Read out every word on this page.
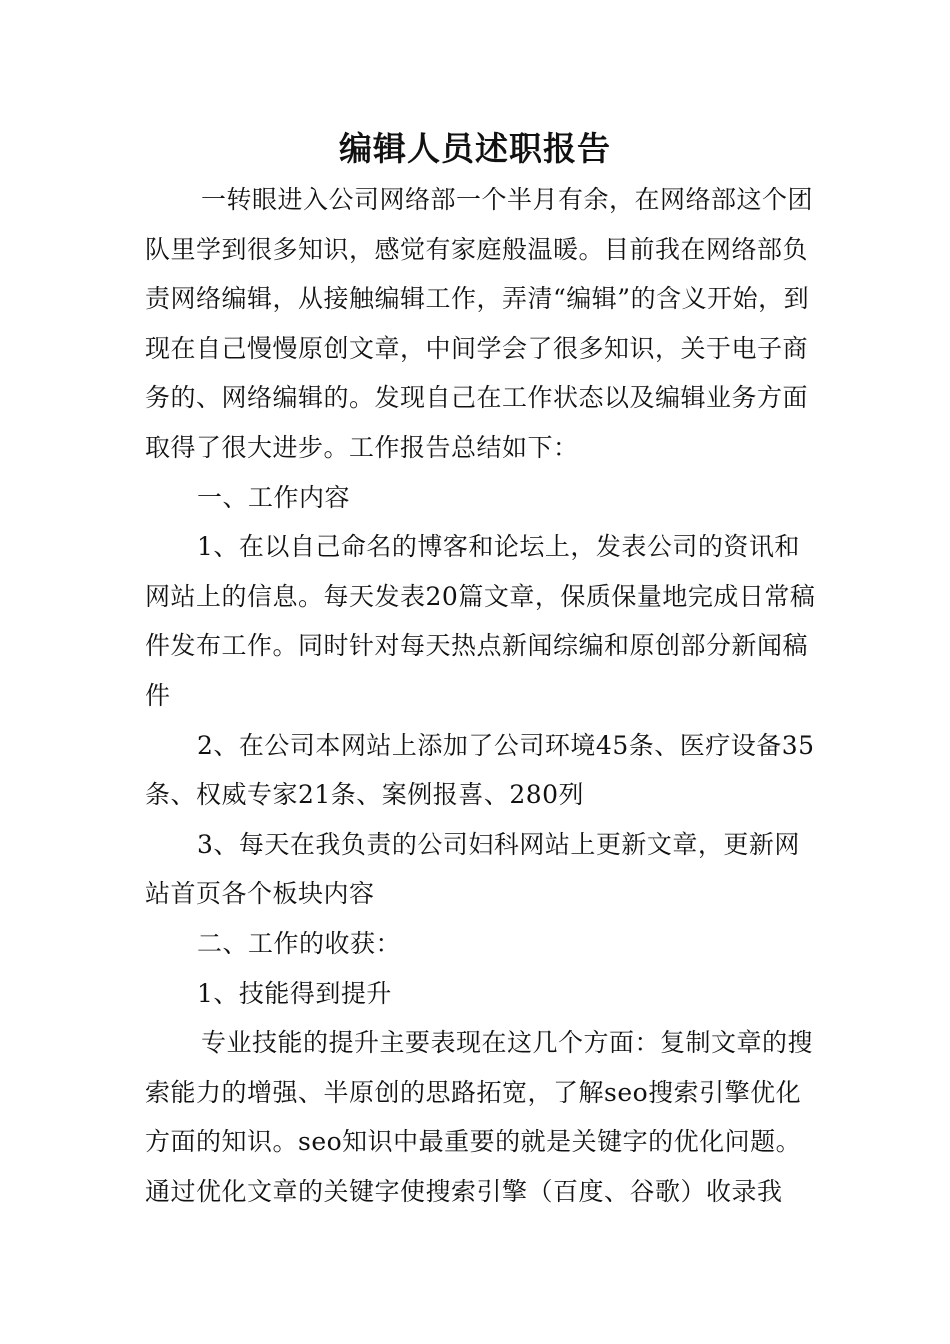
编辑人员述职报告

一转眼进入公司网络部一个半月有余，在网络部这个团队里学到很多知识，感觉有家庭般温暖。目前我在网络部负责网络编辑，从接触编辑工作，弄清“编辑”的含义开始，到现在自己慢慢原创文章，中间学会了很多知识，关于电子商务的、网络编辑的。发现自己在工作状态以及编辑业务方面取得了很大进步。工作报告总结如下：

一、工作内容

1、在以自己命名的博客和论坛上，发表公司的资讯和网站上的信息。每天发表20篇文章，保质保量地完成日常稿件发布工作。同时针对每天热点新闻综编和原创部分新闻稿件

2、在公司本网站上添加了公司环境45条、医疗设备35条、权威专家21条、案例报喜、280列

3、每天在我负责的公司妇科网站上更新文章，更新网站首页各个板块内容

二、工作的收获：

1、技能得到提升

专业技能的提升主要表现在这几个方面：复制文章的搜索能力的增强、半原创的思路拓宽，了解seo搜索引擎优化方面的知识。seo知识中最重要的就是关键字的优化问题。通过优化文章的关键字使搜索引擎（百度、谷歌）收录我
